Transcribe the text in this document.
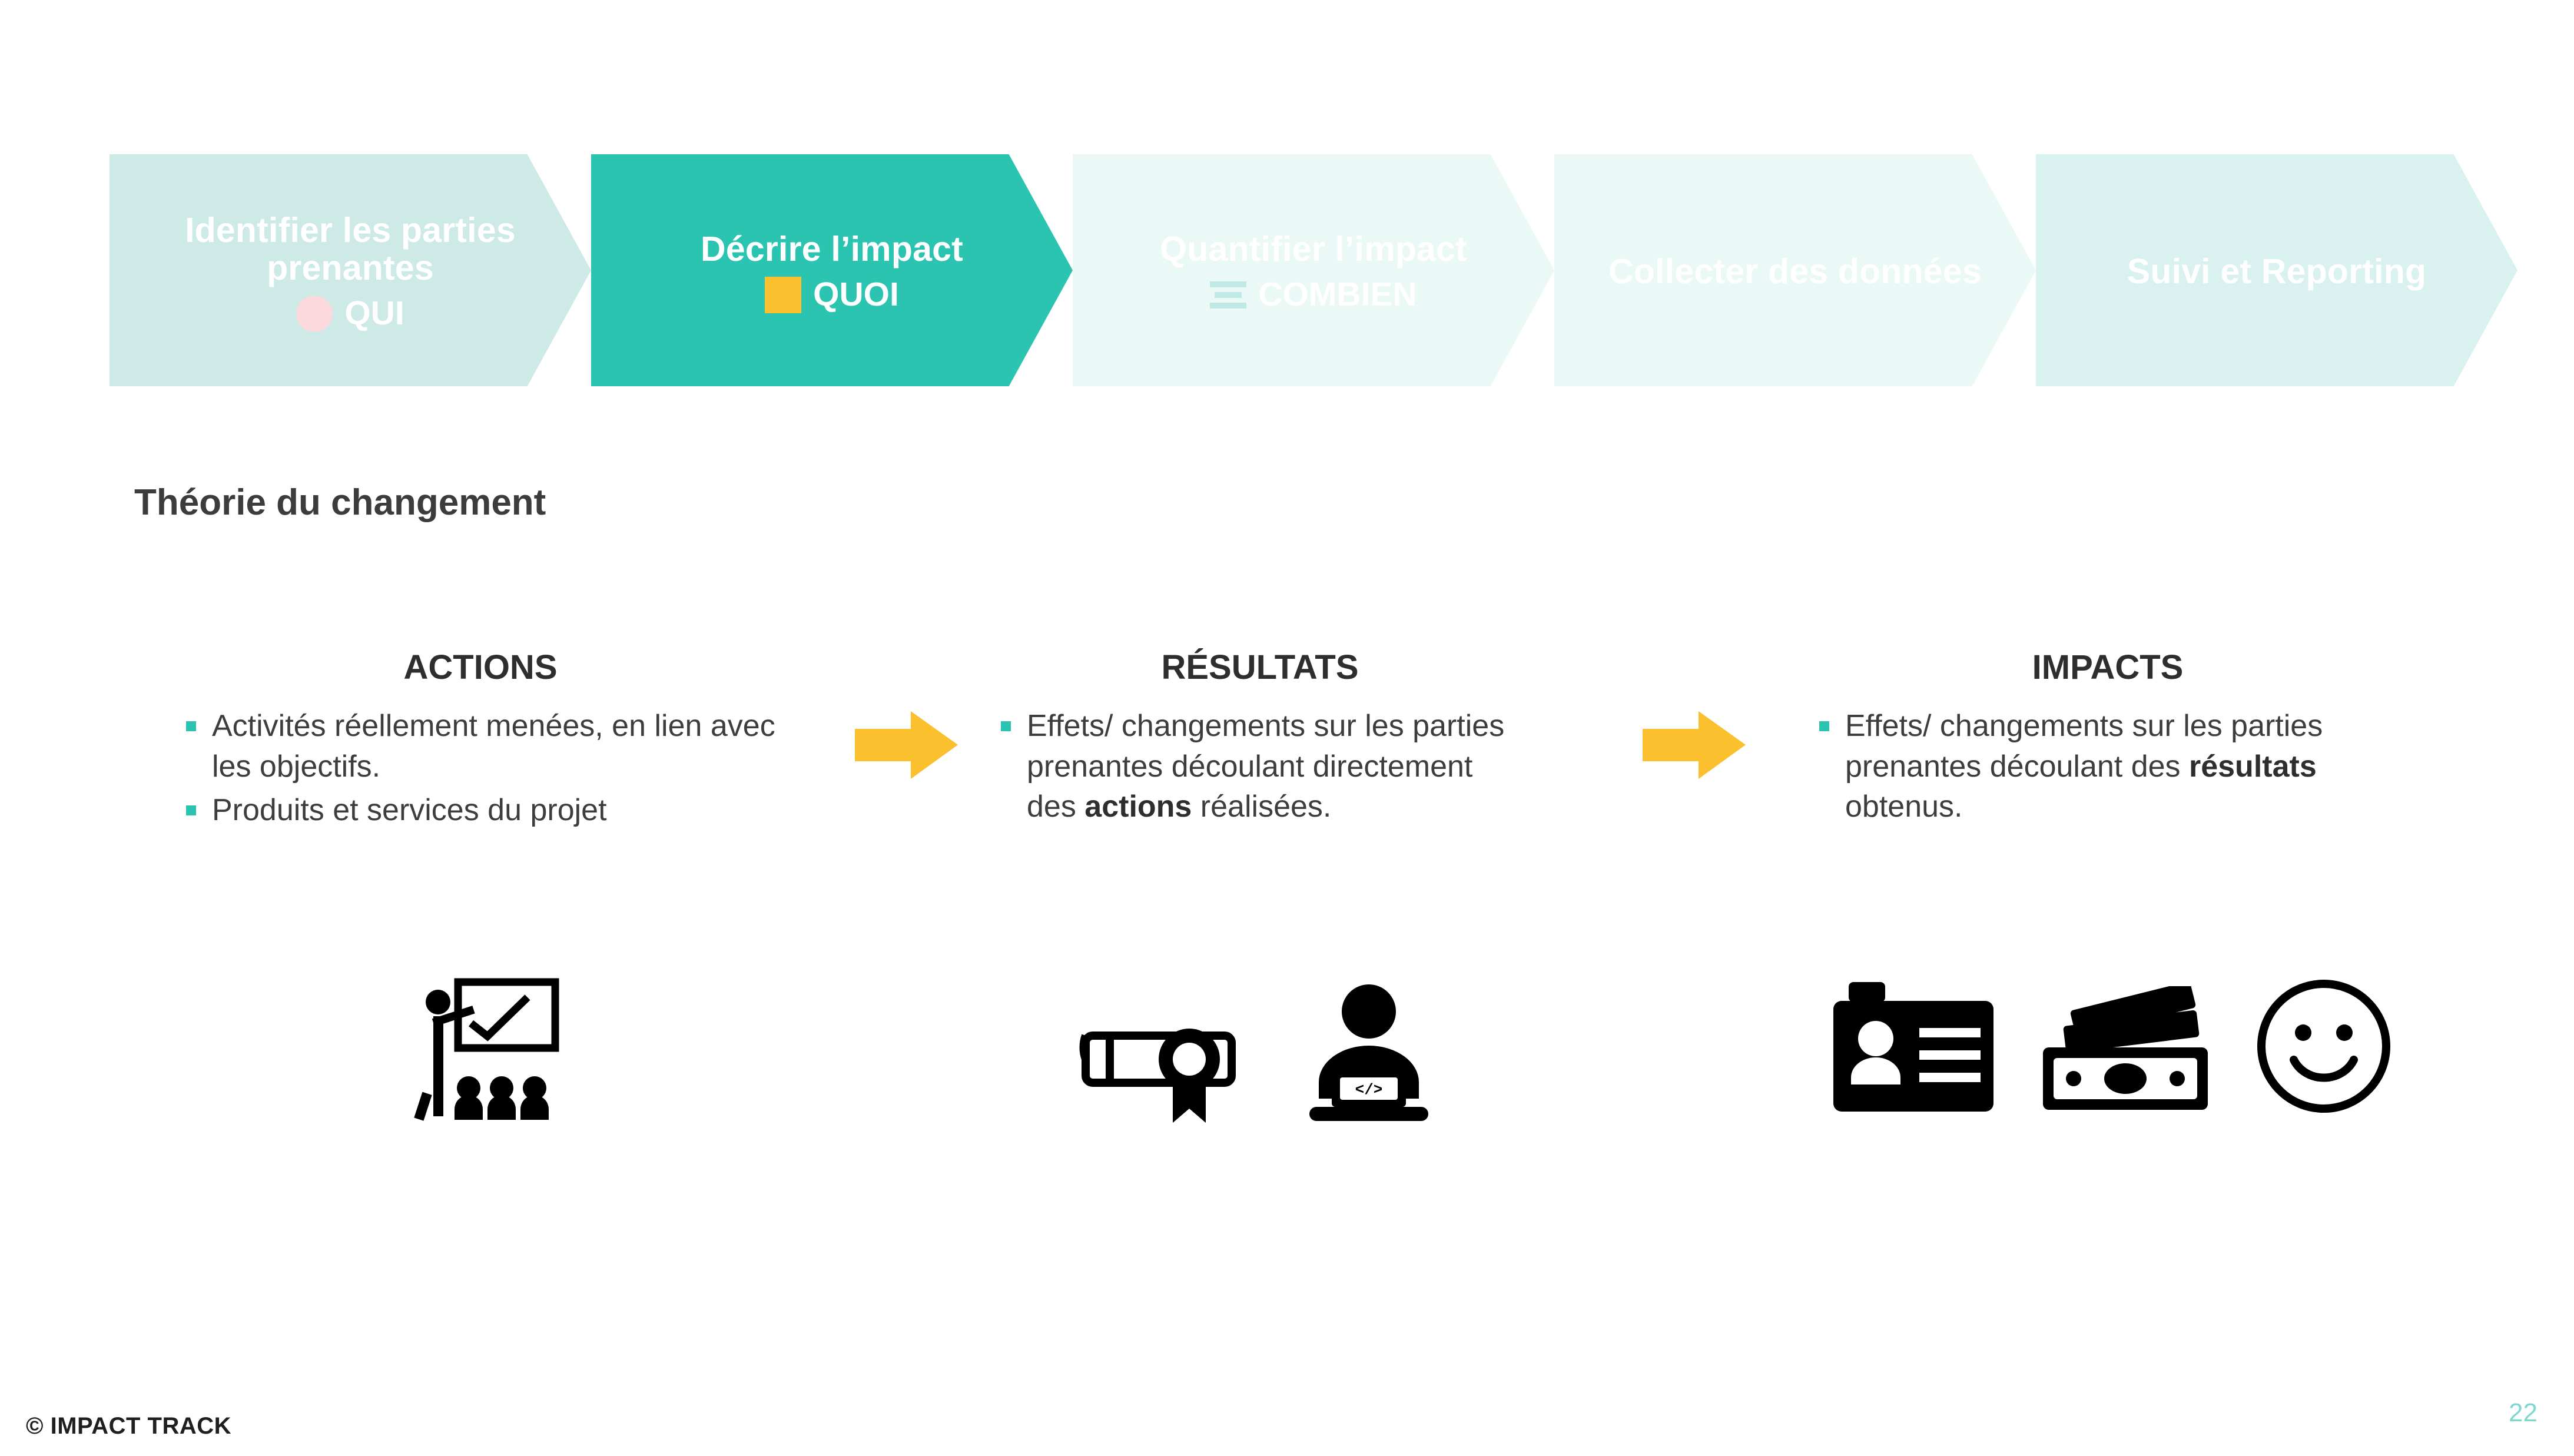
Identifier les parties prenantes
QUI
Décrire l’impact
QUOI
Quantifier l’impact
COMBIEN
Collecter des données	Suivi et Reporting
Théorie du changement
ACTIONS
Activités réellement menées, en lien avec les objectifs.
Produits et services du projet
RÉSULTATS
Effets/ changements sur les parties prenantes découlant directement des actions réalisées.
IMPACTS
Effets/ changements sur les parties prenantes découlant des résultats obtenus.
</>
© IMPACT TRACK	22
